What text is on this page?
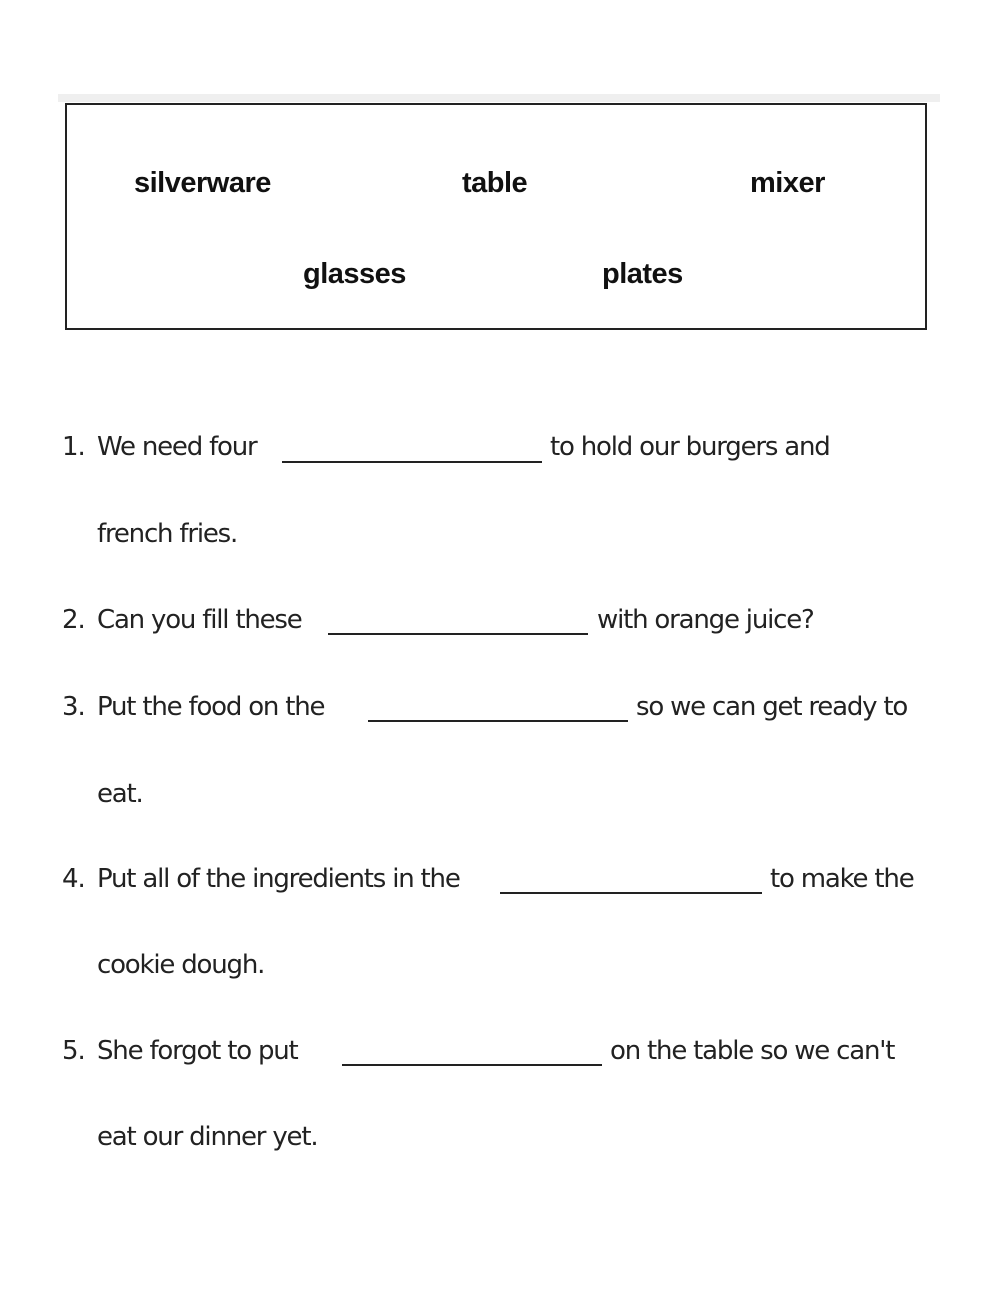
silverware	table	mixer
glasses	plates
1. We need four	to hold our burgers and
french fries.
2. Can you fill these	with orange juice?
3. Put the food on the	so we can get ready to
eat.
4. Put all of the ingredients in the	to make the
cookie dough.
5. She forgot to put	on the table so we can't
eat our dinner yet.
